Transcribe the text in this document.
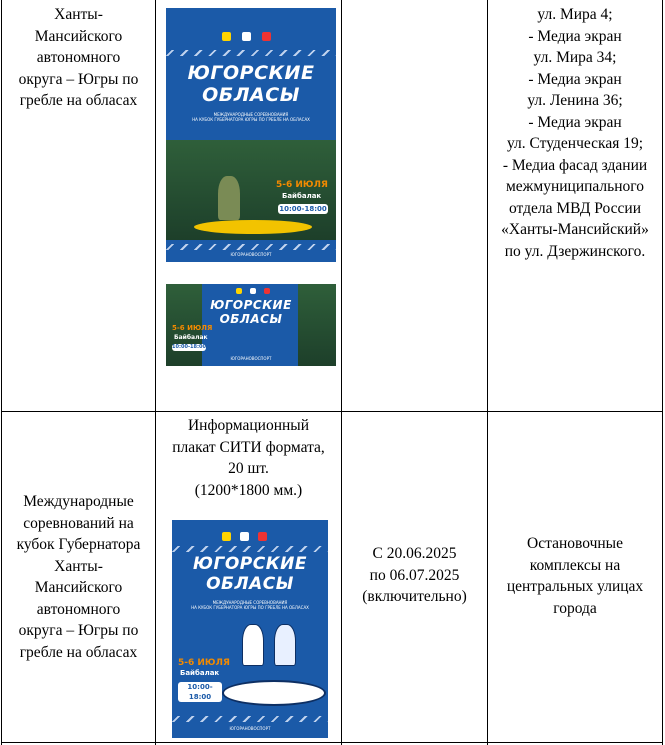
Ханты-
Мансийского
автономного
округа – Югры по
гребле на обласах
ЮГОРСКИЕ
ОБЛАСЫ
МЕЖДУНАРОДНЫЕ СОРЕВНОВАНИЯ
НА КУБОК ГУБЕРНАТОРА ЮГРЫ ПО ГРЕБЛЕ НА ОБЛАСАХ
5-6 ИЮЛЯ
Байбалак
10:00-18:00
ЮГОРАНОВОСПОРТ
ЮГОРСКИЕ
ОБЛАСЫ
5-6 ИЮЛЯ
Байбалак
10:00-18:00
ЮГОРАНОВОСПОРТ
ул. Мира 4;
- Медиа экран
ул. Мира 34;
- Медиа экран
ул. Ленина 36;
- Медиа экран
ул. Студенческая 19;
- Медиа фасад здании
межмуниципального
отдела МВД России
«Ханты-Мансийский»
по ул. Дзержинского.
Международные
соревнований на
кубок Губернатора
Ханты-
Мансийского
автономного
округа – Югры по
гребле на обласах
Информационный
плакат СИТИ формата,
20 шт.
(1200*1800 мм.)
ЮГОРСКИЕ
ОБЛАСЫ
МЕЖДУНАРОДНЫЕ СОРЕВНОВАНИЯ
НА КУБОК ГУБЕРНАТОРА ЮГРЫ ПО ГРЕБЛЕ НА ОБЛАСАХ
5-6 ИЮЛЯ
Байбалак
10:00-18:00
ЮГОРАНОВОСПОРТ
С 20.06.2025
по 06.07.2025
(включительно)
Остановочные
комплексы на
центральных улицах
города
